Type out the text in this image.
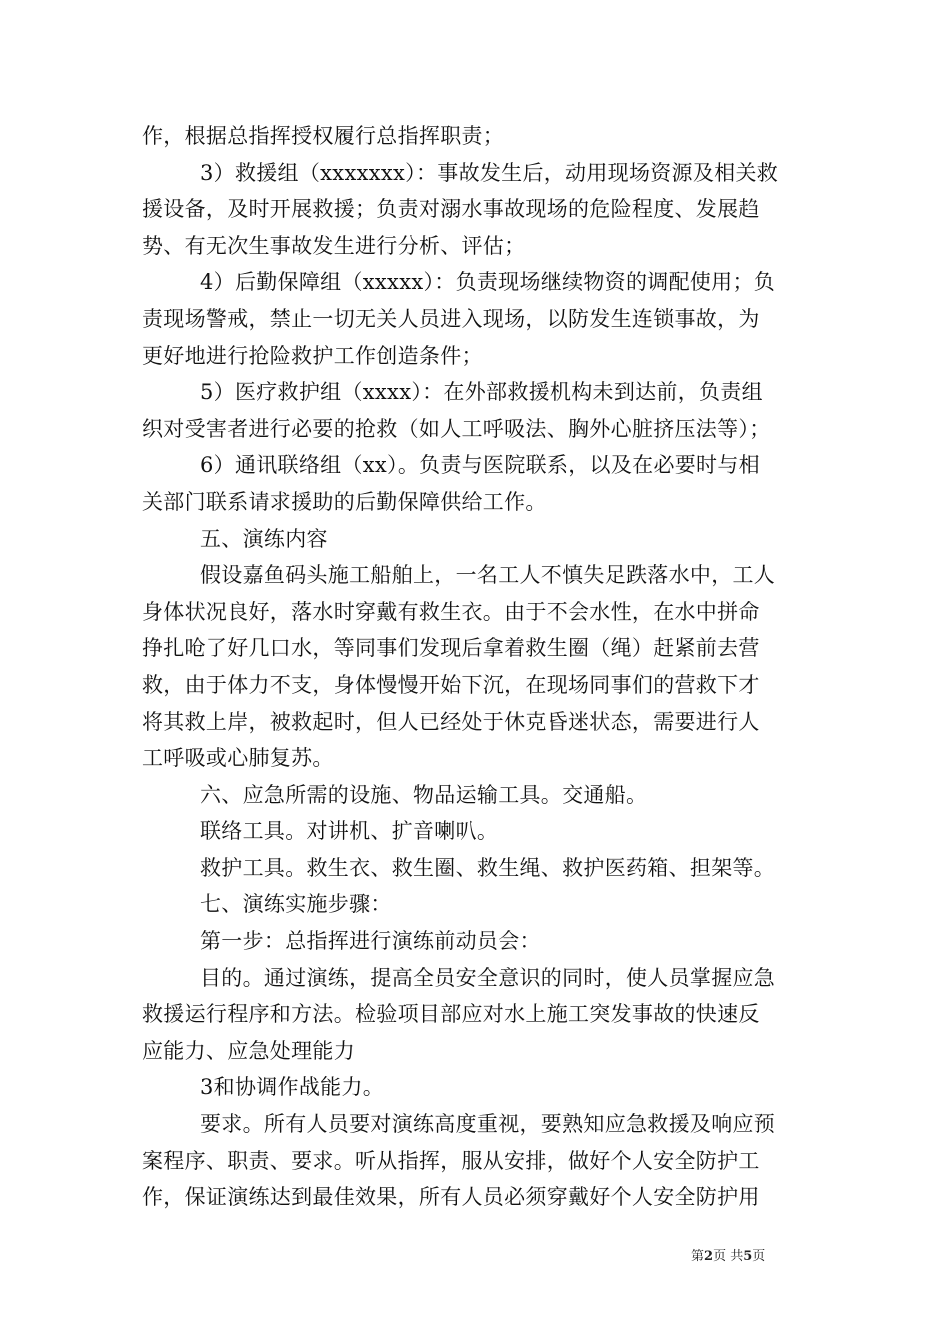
作，根据总指挥授权履行总指挥职责；
3）救援组（xxxxxxx）：事故发生后，动用现场资源及相关救
援设备，及时开展救援；负责对溺水事故现场的危险程度、发展趋
势、有无次生事故发生进行分析、评估；
4）后勤保障组（xxxxx）：负责现场继续物资的调配使用；负
责现场警戒，禁止一切无关人员进入现场，以防发生连锁事故，为
更好地进行抢险救护工作创造条件；
5）医疗救护组（xxxx）：在外部救援机构未到达前，负责组
织对受害者进行必要的抢救（如人工呼吸法、胸外心脏挤压法等）；
6）通讯联络组（xx）。负责与医院联系，以及在必要时与相
关部门联系请求援助的后勤保障供给工作。
五、演练内容
假设嘉鱼码头施工船舶上，一名工人不慎失足跌落水中，工人
身体状况良好，落水时穿戴有救生衣。由于不会水性，在水中拼命
挣扎呛了好几口水，等同事们发现后拿着救生圈（绳）赶紧前去营
救，由于体力不支，身体慢慢开始下沉，在现场同事们的营救下才
将其救上岸，被救起时，但人已经处于休克昏迷状态，需要进行人
工呼吸或心肺复苏。
六、应急所需的设施、物品运输工具。交通船。
联络工具。对讲机、扩音喇叭。
救护工具。救生衣、救生圈、救生绳、救护医药箱、担架等。
七、演练实施步骤：
第一步：总指挥进行演练前动员会：
目的。通过演练，提高全员安全意识的同时，使人员掌握应急
救援运行程序和方法。检验项目部应对水上施工突发事故的快速反
应能力、应急处理能力
3和协调作战能力。
要求。所有人员要对演练高度重视，要熟知应急救援及响应预
案程序、职责、要求。听从指挥，服从安排，做好个人安全防护工
作，保证演练达到最佳效果，所有人员必须穿戴好个人安全防护用
第2页 共5页
